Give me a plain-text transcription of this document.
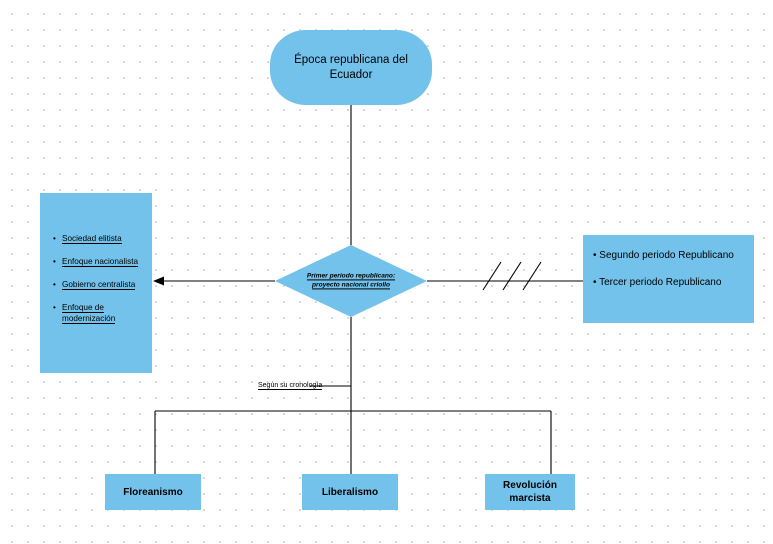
Época republicana del Ecuador
• Sociedad elitista
• Enfoque nacionalista
• Gobierno centralista
• Enfoque de modernización
Primer periodo republicano: proyecto nacional criollo

• Segundo periodo Republicano

• Tercer periodo Republicano

Según su cronología
Floreanismo	Liberalismo
Revolución marcista
